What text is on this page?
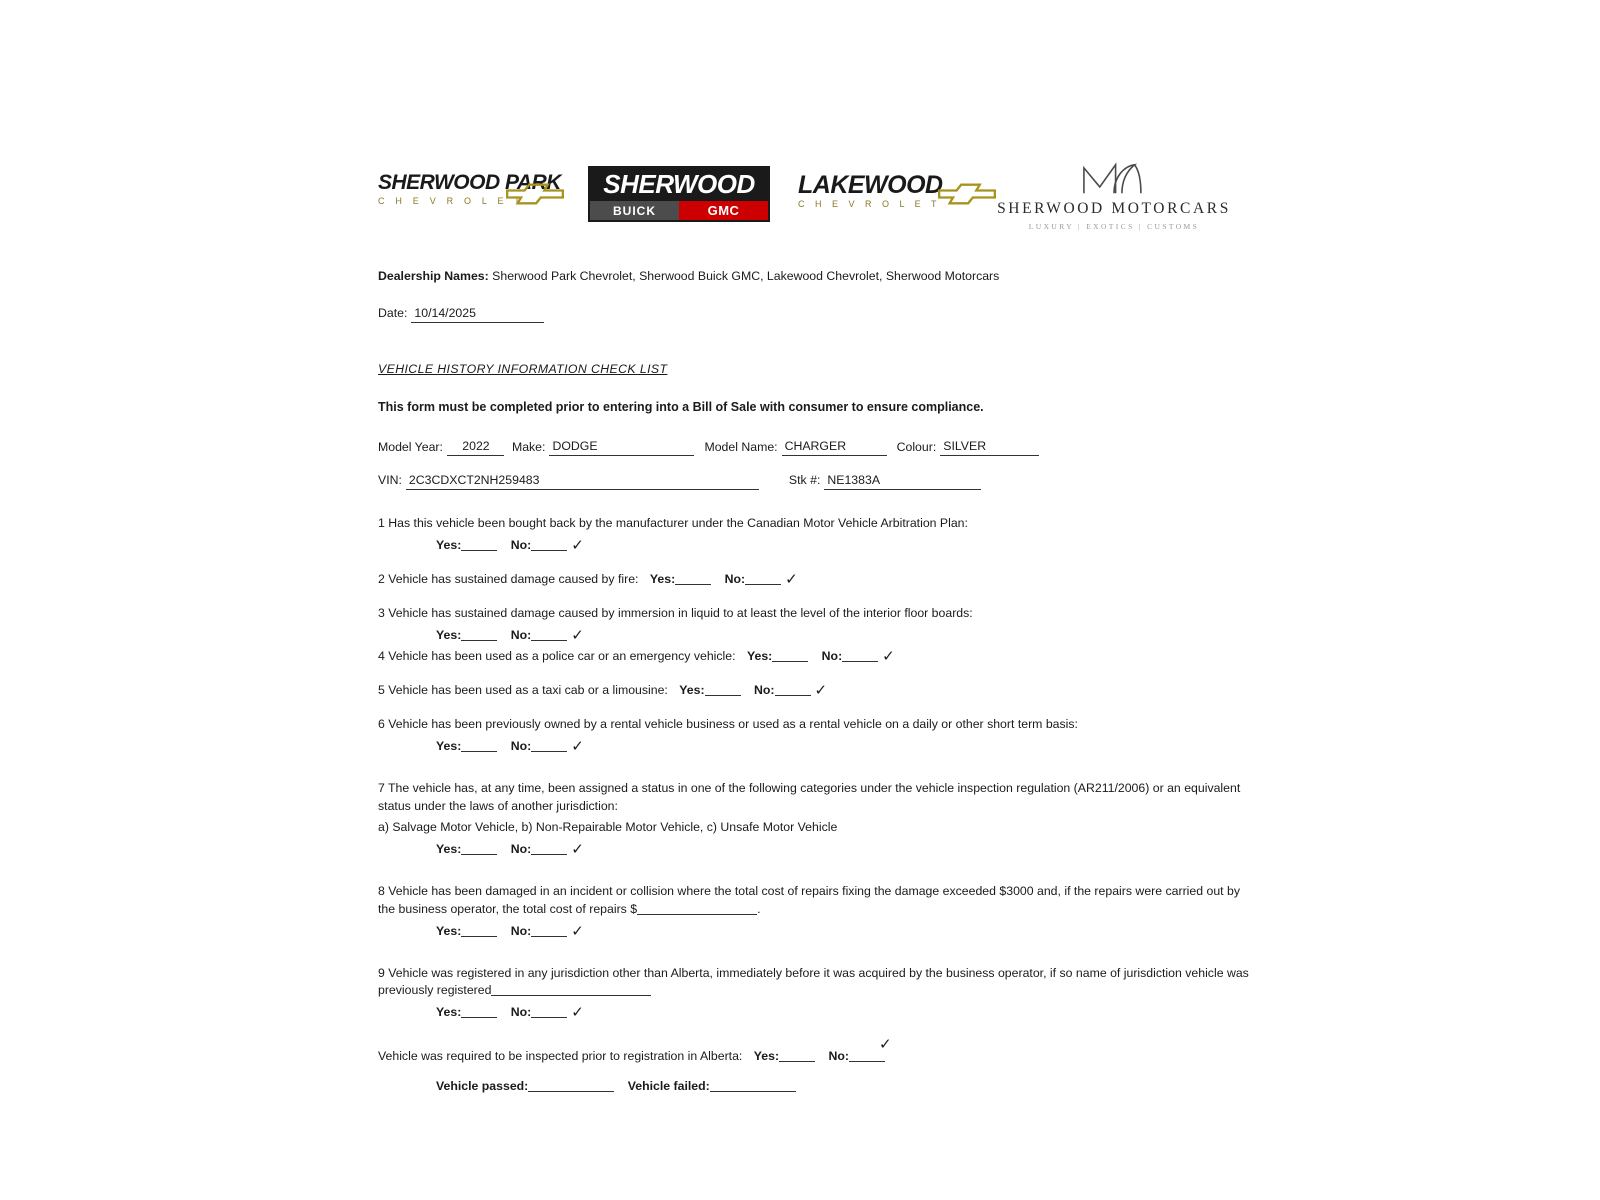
SHERWOOD PARK
C H E V R O L E T
SHERWOOD
BUICK	GMC
LAKEWOOD
C H E V R O L E T	SHERWOOD MOTORCARS
LUXURY | EXOTICS | CUSTOMS
Dealership Names: Sherwood Park Chevrolet, Sherwood Buick GMC, Lakewood Chevrolet, Sherwood Motorcars
Date: 10/14/2025
VEHICLE HISTORY INFORMATION CHECK LIST
This form must be completed prior to entering into a Bill of Sale with consumer to ensure compliance.
Model Year:	2022	Make: DODGE	Model Name: CHARGER	Colour: SILVER
VIN: 2C3CDXCT2NH259483	Stk #: NE1383A
1 Has this vehicle been bought back by the manufacturer under the Canadian Motor Vehicle Arbitration Plan:
Yes:	No:	✓
2 Vehicle has sustained damage caused by fire: Yes:	No:	✓
3 Vehicle has sustained damage caused by immersion in liquid to at least the level of the interior floor boards:
Yes:	No:	✓
4 Vehicle has been used as a police car or an emergency vehicle: Yes:	No:	✓
5 Vehicle has been used as a taxi cab or a limousine: Yes:	No:	✓
6 Vehicle has been previously owned by a rental vehicle business or used as a rental vehicle on a daily or other short term basis:
Yes:	No:	✓
7 The vehicle has, at any time, been assigned a status in one of the following categories under the vehicle inspection regulation (AR211/2006) or an equivalent status under the laws of another jurisdiction:
a) Salvage Motor Vehicle, b) Non-Repairable Motor Vehicle, c) Unsafe Motor Vehicle
Yes:	No:	✓
8 Vehicle has been damaged in an incident or collision where the total cost of repairs fixing the damage exceeded $3000 and, if the repairs were carried out by the business operator, the total cost of repairs $	.
Yes:	No:	✓
9 Vehicle was registered in any jurisdiction other than Alberta, immediately before it was acquired by the business operator, if so name of jurisdiction vehicle was previously registered
Yes:	No:	✓
Vehicle was required to be inspected prior to registration in Alberta: Yes:	No:
✓
Vehicle passed:	Vehicle failed:
